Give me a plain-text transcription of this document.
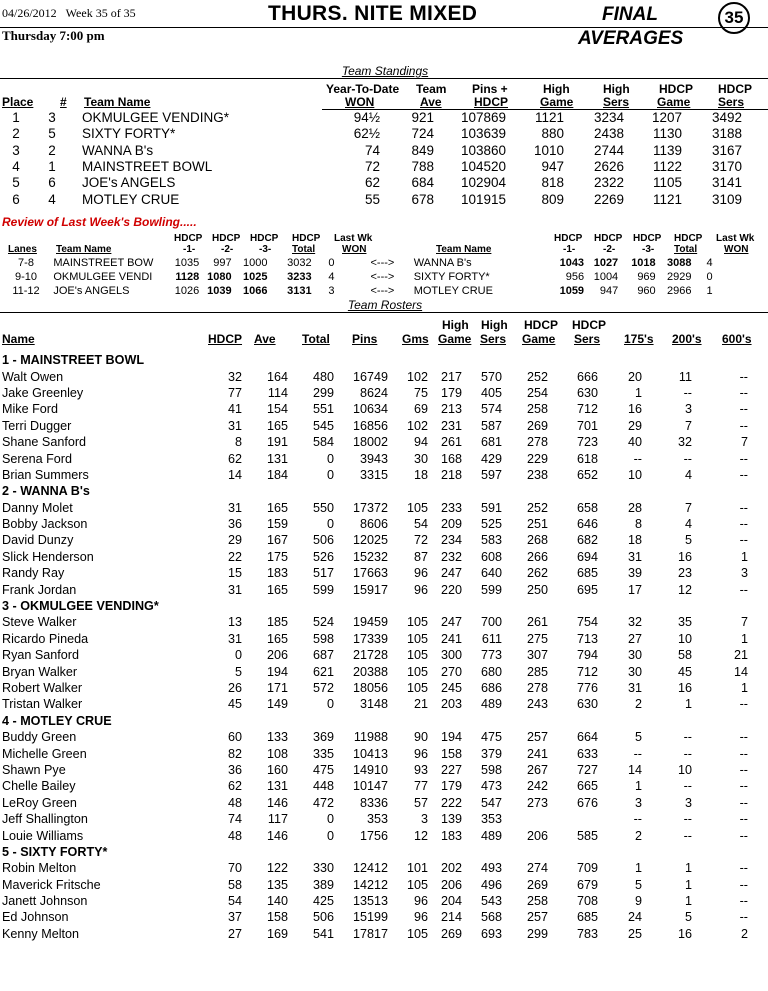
04/26/2012 Week 35 of 35	THURS. NITE MIXED	FINAL
AVERAGES
35
Thursday 7:00 pm
Team Standings
Year-To-Date
WON
Team
Ave
Pins +
HDCP
High
Game
High
Sers
HDCP
Game
HDCP
Sers
Place # Team Name
1	3		OKMULGEE VENDING*	94½	921	107869	1121	3234	1207	3492
2	5		SIXTY FORTY*	62½	724	103639	880	2438	1130	3188
3	2		WANNA B's	74	849	103860	1010	2744	1139	3167
4	1		MAINSTREET BOWL	72	788	104520	947	2626	1122	3170
5	6		JOE's ANGELS	62	684	102904	818	2322	1105	3141
6	4		MOTLEY CRUE	55	678	101915	809	2269	1121	3109
Review of Last Week's Bowling.....
HDCP
-1-
HDCP
-2-
HDCP
-3-
HDCP
Total
Last Wk
WON
Lanes Team Name	Team Name
HDCP
-1-
HDCP
-2-
HDCP
-3-
HDCP
Total
Last Wk
WON
7-8		MAINSTREET BOW	1035	997	1000	3032	0	<--->	WANNA B's	1043	1027	1018	3088	4
9-10		OKMULGEE VENDI	1128	1080	1025	3233	4	<--->	SIXTY FORTY*	956	1004	969	2929	0
11-12		JOE's ANGELS	1026	1039	1066	3131	3	<--->	MOTLEY CRUE	1059	947	960	2966	1
Team Rosters
High High HDCP HDCP
Name	HDCP Ave Total Pins Gms Game Sers Game Sers 175's 200's 600's
1 - MAINSTREET BOWL												
Walt Owen	32	164	480	16749	102	217	570	252	666	20	11	--
Jake Greenley	77	114	299	8624	75	179	405	254	630	1	--	--
Mike Ford	41	154	551	10634	69	213	574	258	712	16	3	--
Terri Dugger	31	165	545	16856	102	231	587	269	701	29	7	--
Shane Sanford	8	191	584	18002	94	261	681	278	723	40	32	7
Serena Ford	62	131	0	3943	30	168	429	229	618	--	--	--
Brian Summers	14	184	0	3315	18	218	597	238	652	10	4	--
2 - WANNA B's												
Danny Molet	31	165	550	17372	105	233	591	252	658	28	7	--
Bobby Jackson	36	159	0	8606	54	209	525	251	646	8	4	--
David Dunzy	29	167	506	12025	72	234	583	268	682	18	5	--
Slick Henderson	22	175	526	15232	87	232	608	266	694	31	16	1
Randy Ray	15	183	517	17663	96	247	640	262	685	39	23	3
Frank Jordan	31	165	599	15917	96	220	599	250	695	17	12	--
3 - OKMULGEE VENDING*												
Steve Walker	13	185	524	19459	105	247	700	261	754	32	35	7
Ricardo Pineda	31	165	598	17339	105	241	611	275	713	27	10	1
Ryan Sanford	0	206	687	21728	105	300	773	307	794	30	58	21
Bryan Walker	5	194	621	20388	105	270	680	285	712	30	45	14
Robert Walker	26	171	572	18056	105	245	686	278	776	31	16	1
Tristan Walker	45	149	0	3148	21	203	489	243	630	2	1	--
4 - MOTLEY CRUE												
Buddy Green	60	133	369	11988	90	194	475	257	664	5	--	--
Michelle Green	82	108	335	10413	96	158	379	241	633	--	--	--
Shawn Pye	36	160	475	14910	93	227	598	267	727	14	10	--
Chelle Bailey	62	131	448	10147	77	179	473	242	665	1	--	--
LeRoy Green	48	146	472	8336	57	222	547	273	676	3	3	--
Jeff Shallington	74	117	0	353	3	139	353			--	--	--
Louie Williams	48	146	0	1756	12	183	489	206	585	2	--	--
5 - SIXTY FORTY*												
Robin Melton	70	122	330	12412	101	202	493	274	709	1	1	--
Maverick Fritsche	58	135	389	14212	105	206	496	269	679	5	1	--
Janett Johnson	54	140	425	13513	96	204	543	258	708	9	1	--
Ed Johnson	37	158	506	15199	96	214	568	257	685	24	5	--
Kenny Melton	27	169	541	17817	105	269	693	299	783	25	16	2
